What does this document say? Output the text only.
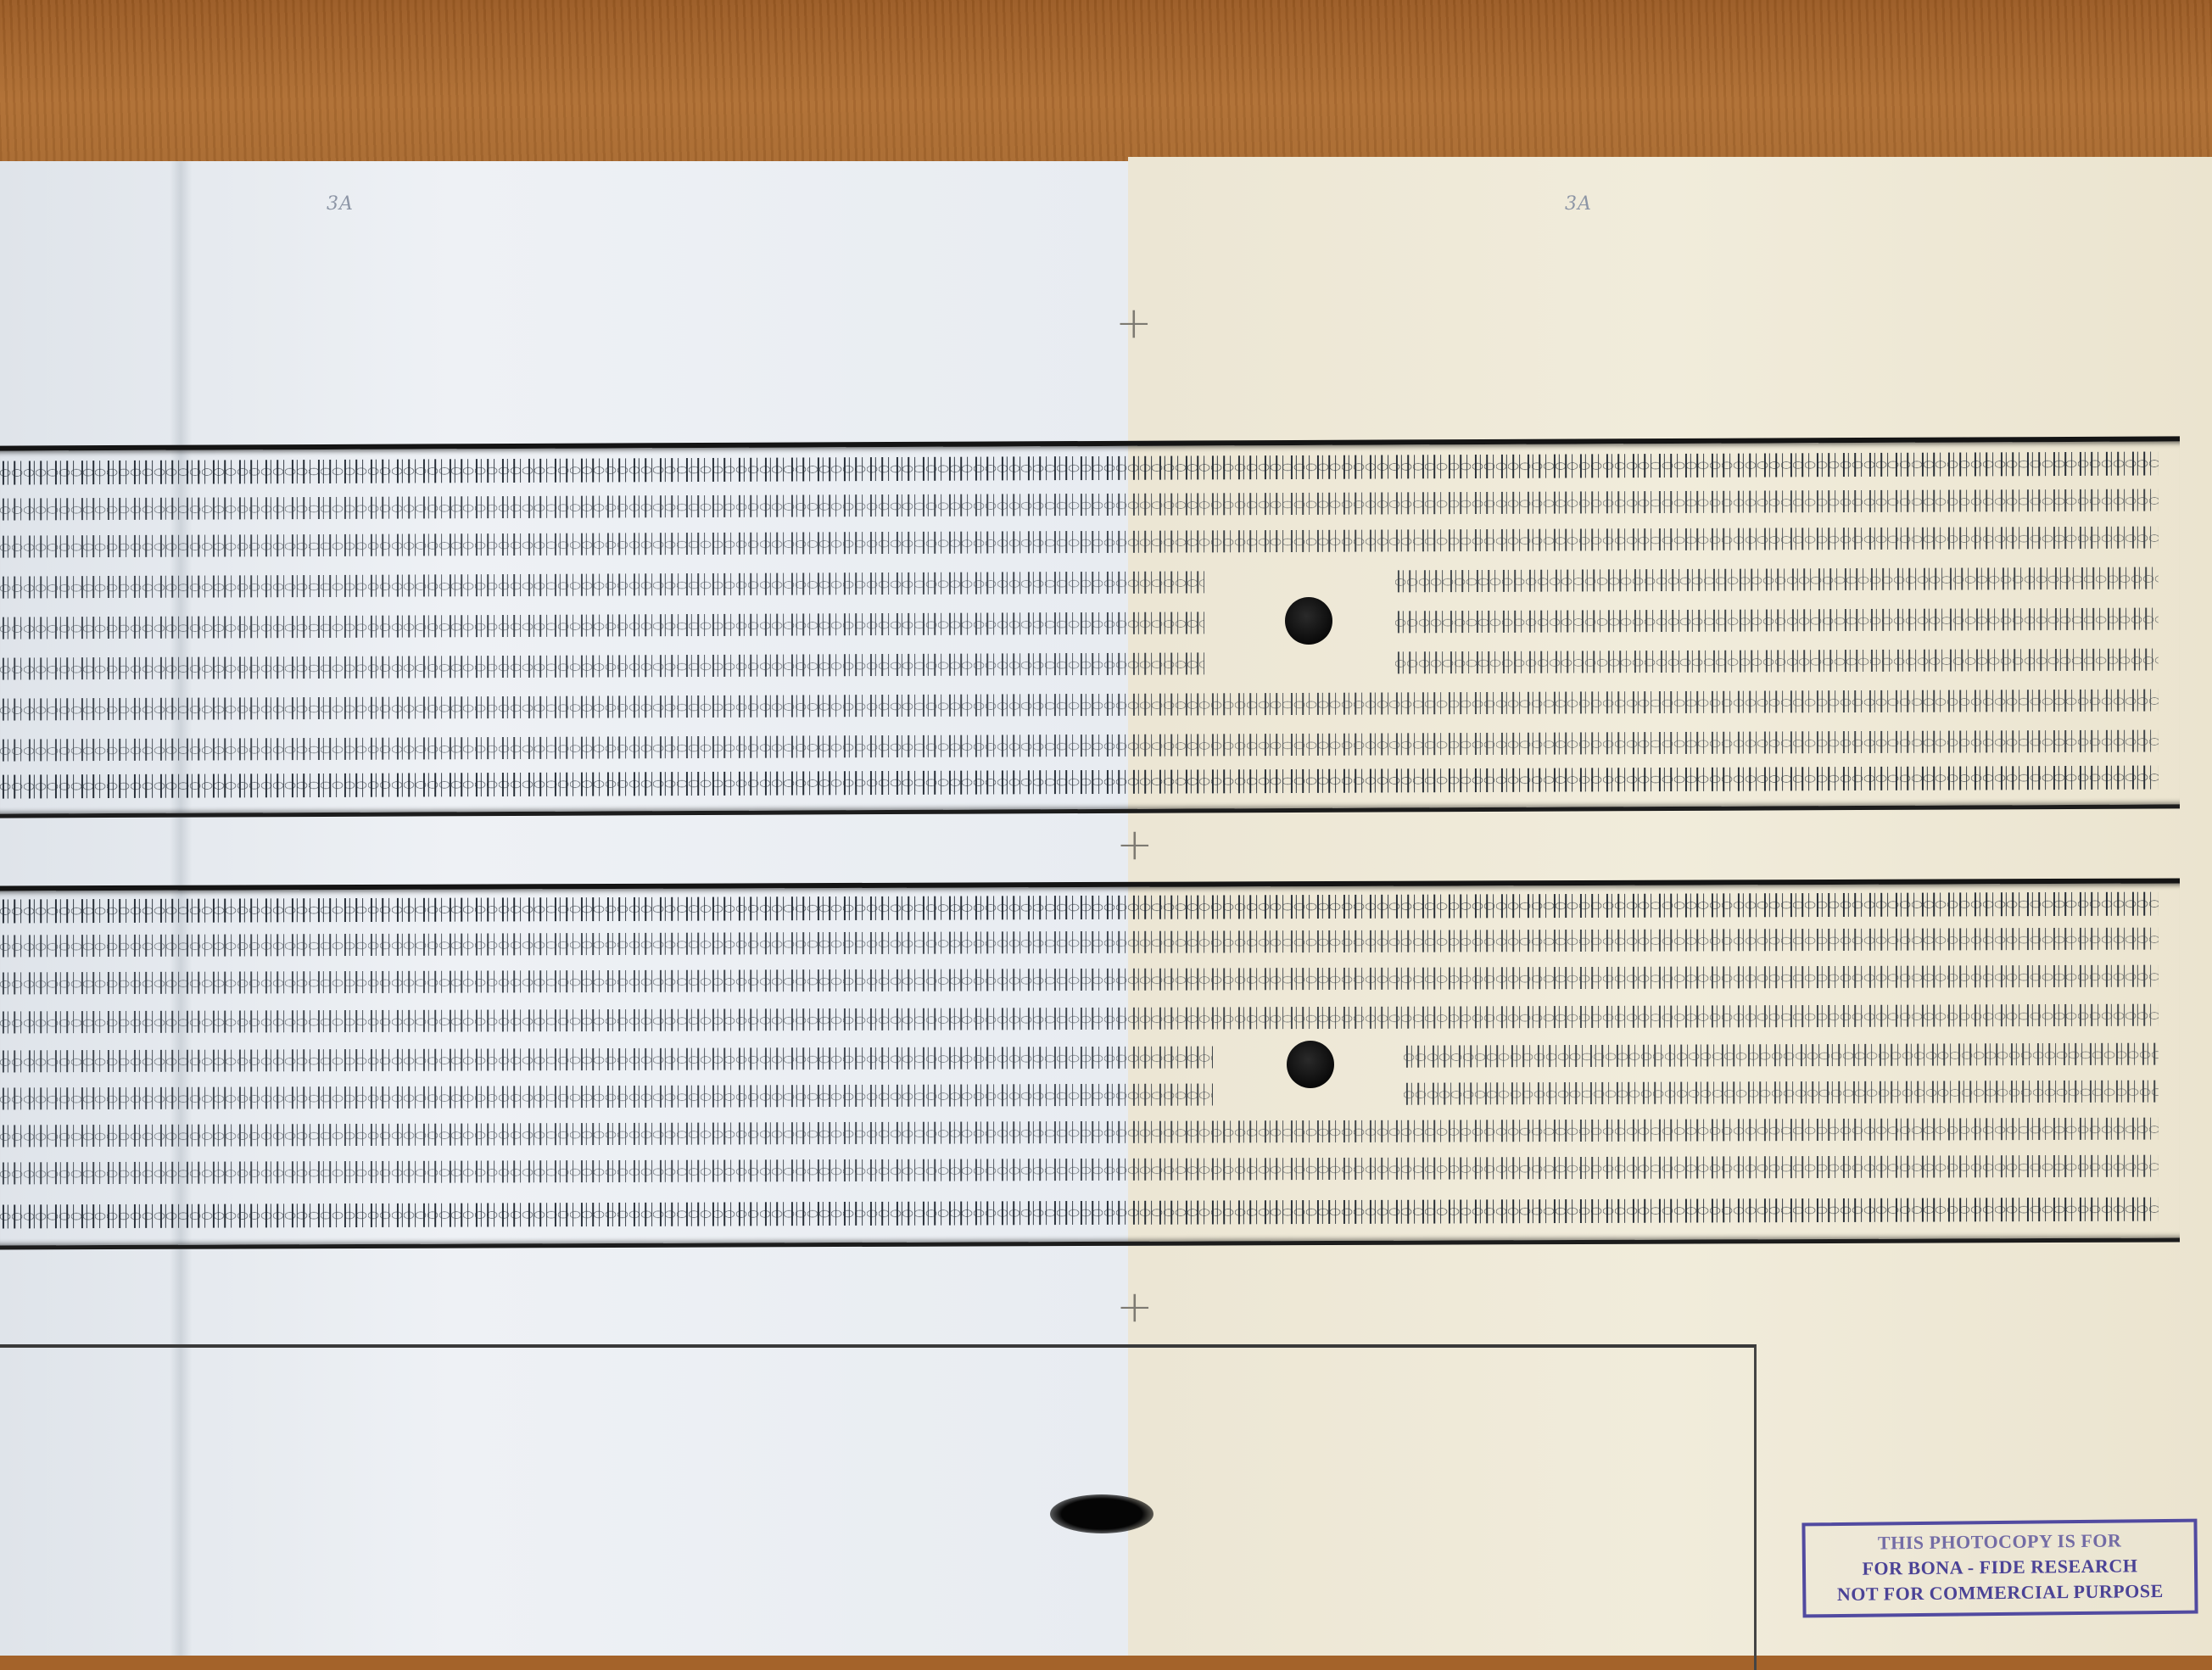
3A	3A
+
+
+
THIS PHOTOCOPY IS FOR
FOR BONA - FIDE RESEARCH
NOT FOR COMMERCIAL PURPOSE
